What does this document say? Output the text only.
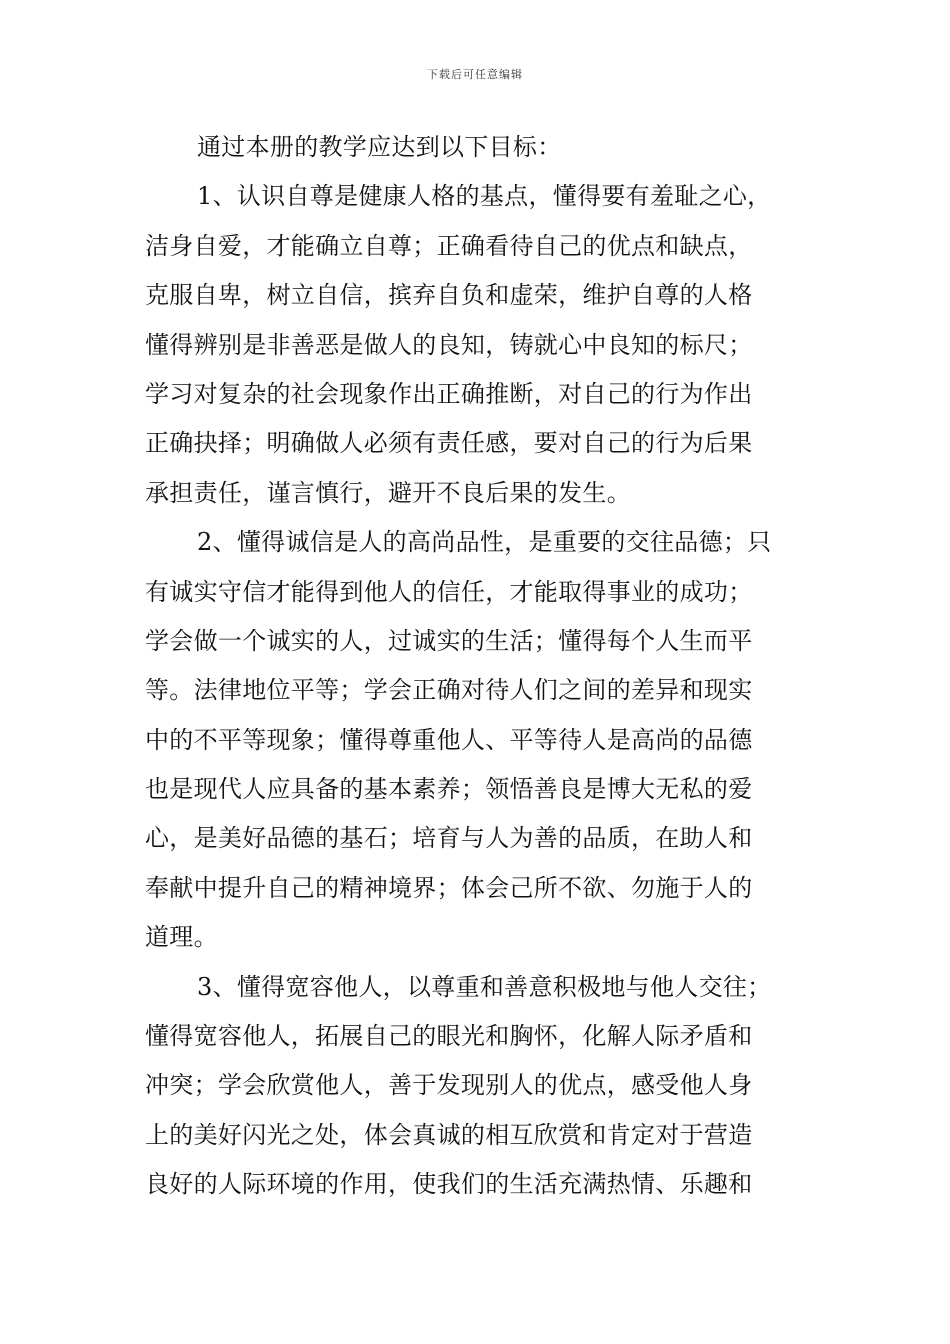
下载后可任意编辑
通过本册的教学应达到以下目标：
1、认识自尊是健康人格的基点，懂得要有羞耻之心，
洁身自爱，才能确立自尊；正确看待自己的优点和缺点，
克服自卑，树立自信，摈弃自负和虚荣，维护自尊的人格
懂得辨别是非善恶是做人的良知，铸就心中良知的标尺；
学习对复杂的社会现象作出正确推断，对自己的行为作出
正确抉择；明确做人必须有责任感，要对自己的行为后果
承担责任，谨言慎行，避开不良后果的发生。
2、懂得诚信是人的高尚品性，是重要的交往品德；只
有诚实守信才能得到他人的信任，才能取得事业的成功；
学会做一个诚实的人，过诚实的生活；懂得每个人生而平
等。法律地位平等；学会正确对待人们之间的差异和现实
中的不平等现象；懂得尊重他人、平等待人是高尚的品德
也是现代人应具备的基本素养；领悟善良是博大无私的爱
心，是美好品德的基石；培育与人为善的品质，在助人和
奉献中提升自己的精神境界；体会己所不欲、勿施于人的
道理。
3、懂得宽容他人，以尊重和善意积极地与他人交往；
懂得宽容他人，拓展自己的眼光和胸怀，化解人际矛盾和
冲突；学会欣赏他人，善于发现别人的优点，感受他人身
上的美好闪光之处，体会真诚的相互欣赏和肯定对于营造
良好的人际环境的作用，使我们的生活充满热情、乐趣和
